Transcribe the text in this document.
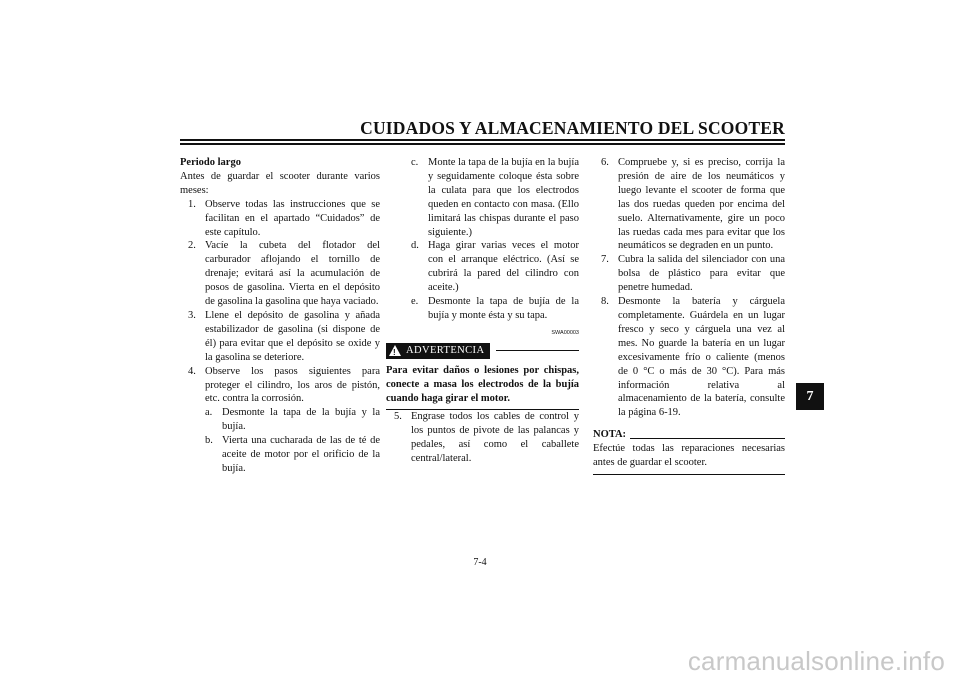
CUIDADOS Y ALMACENAMIENTO DEL SCOOTER

Periodo largo

Antes de guardar el scooter durante varios meses:

1. Observe todas las instrucciones que se facilitan en el apartado “Cuidados” de este capítulo.
2. Vacíe la cubeta del flotador del carburador aflojando el tornillo de drenaje; evitará así la acumulación de posos de gasolina. Vierta en el depósito de gasolina la gasolina que haya vaciado.
3. Llene el depósito de gasolina y añada estabilizador de gasolina (si dispone de él) para evitar que el depósito se oxide y la gasolina se deteriore.
4. Observe los pasos siguientes para proteger el cilindro, los aros de pistón, etc. contra la corrosión.
a. Desmonte la tapa de la bujía y la bujía.
b. Vierta una cucharada de las de té de aceite de motor por el orificio de la bujía.
c. Monte la tapa de la bujía en la bujía y seguidamente coloque ésta sobre la culata para que los electrodos queden en contacto con masa. (Ello limitará las chispas durante el paso siguiente.)
d. Haga girar varias veces el motor con el arranque eléctrico. (Así se cubrirá la pared del cilindro con aceite.)
e. Desmonte la tapa de bujía de la bujía y monte ésta y su tapa.
SWA00003
! ADVERTENCIA

Para evitar daños o lesiones por chispas, conecte a masa los electrodos de la bujía cuando haga girar el motor.

5. Engrase todos los cables de control y los puntos de pivote de las palancas y pedales, así como el caballete central/lateral.
6. Compruebe y, si es preciso, corrija la presión de aire de los neumáticos y luego levante el scooter de forma que las dos ruedas queden por encima del suelo. Alternativamente, gire un poco las ruedas cada mes para evitar que los neumáticos se degraden en un punto.
7. Cubra la salida del silenciador con una bolsa de plástico para evitar que penetre humedad.
8. Desmonte la batería y cárguela completamente. Guárdela en un lugar fresco y seco y cárguela una vez al mes. No guarde la batería en un lugar excesivamente frío o caliente (menos de 0 °C o más de 30 °C). Para más información relativa al almacenamiento de la batería, consulte la página 6-19.
NOTA:

Efectúe todas las reparaciones necesarias antes de guardar el scooter.

7
7-4
carmanualsonline.info
